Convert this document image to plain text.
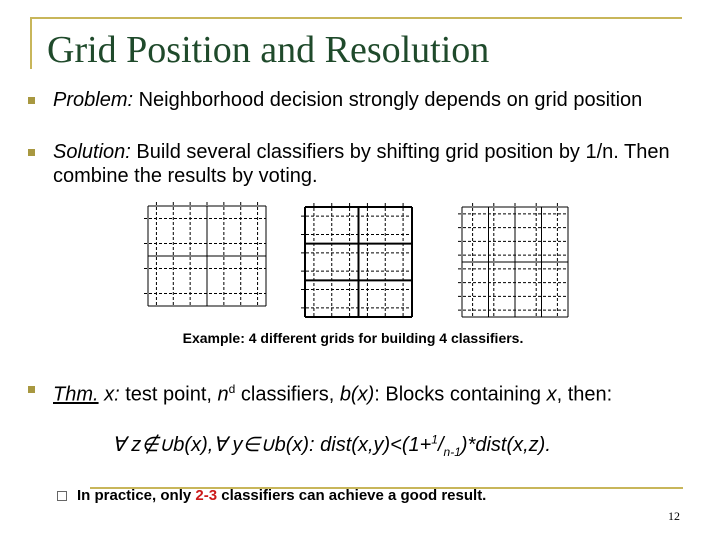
Grid Position and Resolution
Problem: Neighborhood decision strongly depends on grid position
Solution: Build several classifiers by shifting grid position by 1/n. Then combine the results by voting.
Example: 4 different grids for building 4 classifiers.
Thm. x: test point, $n^d$ classifiers, b(x): Blocks containing x, then:
∀ z∉∪b(x),∀ y∈∪b(x): $dist(x,y)<(1+^1/_{n-1})*dist(x,z)$.
In practice, only 2-3 classifiers can achieve a good result.
12
